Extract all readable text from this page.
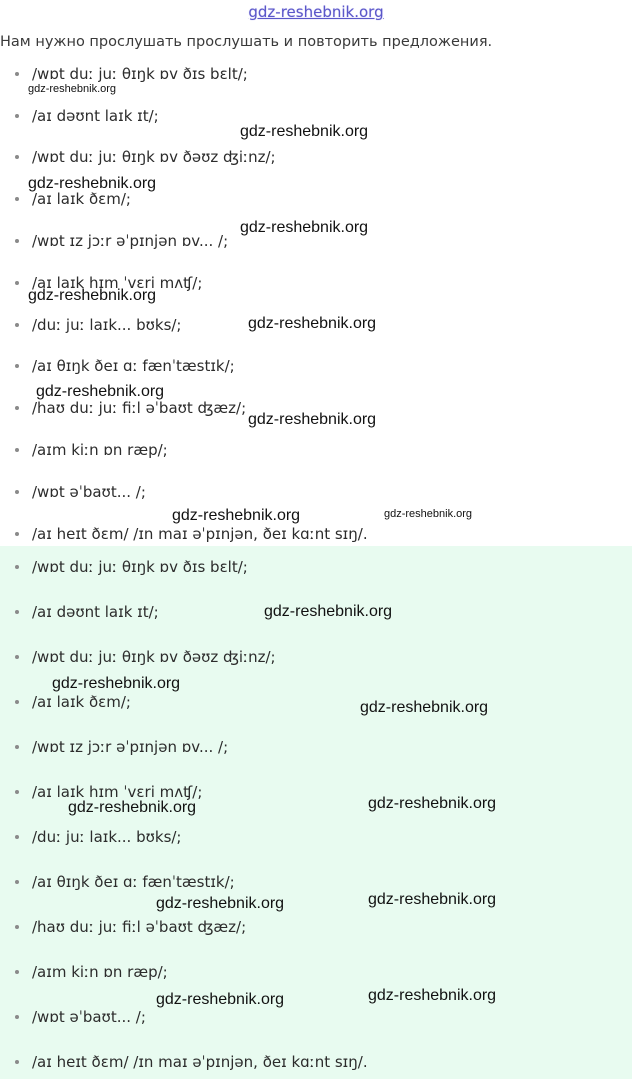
gdz-reshebnik.org
Нам нужно прослушать прослушать и повторить предложения.
/wɒt duː juː θɪŋk ɒv ðɪs bɛlt/;
/aɪ dəʊnt laɪk ɪt/;
/wɒt duː juː θɪŋk ɒv ðəʊz ʤiːnz/;
/aɪ laɪk ðɛm/;
/wɒt ɪz jɔːr əˈpɪnjən ɒv... /;
/aɪ laɪk hɪm ˈvɛri mʌʧ/;
/duː juː laɪk... bʊks/;
/aɪ θɪŋk ðeɪ ɑː fænˈtæstɪk/;
/haʊ duː juː fiːl əˈbaʊt ʤæz/;
/aɪm kiːn ɒn ræp/;
/wɒt əˈbaʊt... /;
/aɪ heɪt ðɛm/ /ɪn maɪ əˈpɪnjən, ðeɪ kɑːnt sɪŋ/.
/wɒt duː juː θɪŋk ɒv ðɪs bɛlt/;
/aɪ dəʊnt laɪk ɪt/;
/wɒt duː juː θɪŋk ɒv ðəʊz ʤiːnz/;
/aɪ laɪk ðɛm/;
/wɒt ɪz jɔːr əˈpɪnjən ɒv... /;
/aɪ laɪk hɪm ˈvɛri mʌʧ/;
/duː juː laɪk... bʊks/;
/aɪ θɪŋk ðeɪ ɑː fænˈtæstɪk/;
/haʊ duː juː fiːl əˈbaʊt ʤæz/;
/aɪm kiːn ɒn ræp/;
/wɒt əˈbaʊt... /;
/aɪ heɪt ðɛm/ /ɪn maɪ əˈpɪnjən, ðeɪ kɑːnt sɪŋ/.
gdz-reshebnik.org
gdz-reshebnik.org
gdz-reshebnik.org
gdz-reshebnik.org
gdz-reshebnik.org
gdz-reshebnik.org
gdz-reshebnik.org
gdz-reshebnik.org
gdz-reshebnik.org	gdz-reshebnik.org
gdz-reshebnik.org
gdz-reshebnik.org
gdz-reshebnik.org
gdz-reshebnik.org	gdz-reshebnik.org
gdz-reshebnik.org	gdz-reshebnik.org
gdz-reshebnik.org	gdz-reshebnik.org
